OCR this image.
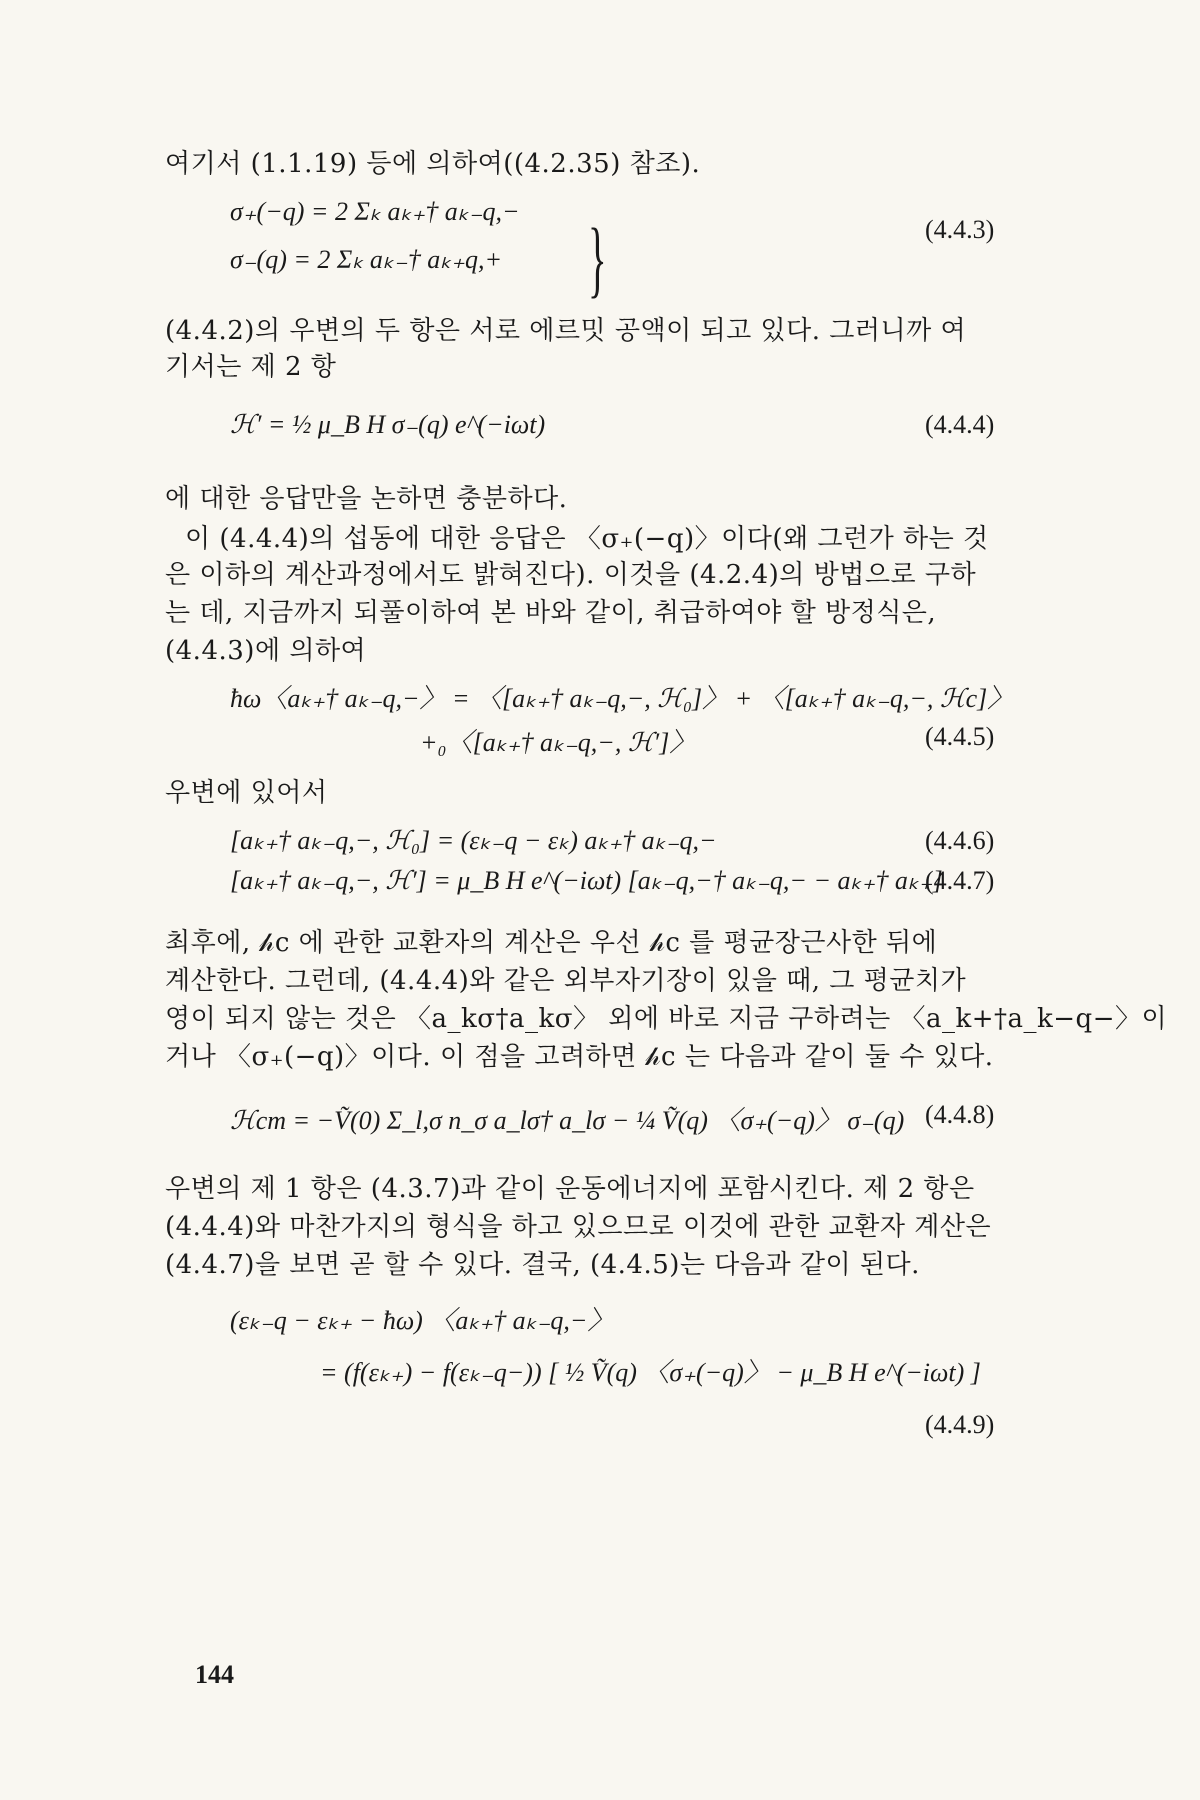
여기서 (1.1.19) 등에 의하여((4.2.35) 참조).
σ₊(−q) = 2 Σₖ aₖ₊† aₖ₋q,−
σ₋(q) = 2 Σₖ aₖ₋† aₖ₊q,+ }	(4.4.3)
(4.4.2)의 우변의 두 항은 서로 에르밋 공액이 되고 있다. 그러니까 여
기서는 제 2 항
ℋ′ = ½ μ_B H σ₋(q) e^(−iωt)	(4.4.4)
에 대한 응답만을 논하면 충분하다.
이 (4.4.4)의 섭동에 대한 응답은 〈σ₊(−q)〉이다(왜 그런가 하는 것
은 이하의 계산과정에서도 밝혀진다). 이것을 (4.2.4)의 방법으로 구하
는 데, 지금까지 되풀이하여 본 바와 같이, 취급하여야 할 방정식은,
(4.4.3)에 의하여
ħω〈aₖ₊† aₖ₋q,−〉 = 〈[aₖ₊† aₖ₋q,−, ℋ₀]〉 + 〈[aₖ₊† aₖ₋q,−, ℋc]〉
+₀〈[aₖ₊† aₖ₋q,−, ℋ′]〉	(4.4.5)
우변에 있어서
[aₖ₊† aₖ₋q,−, ℋ₀] = (εₖ₋q − εₖ) aₖ₊† aₖ₋q,−	(4.4.6)
[aₖ₊† aₖ₋q,−, ℋ′] = μ_B H e^(−iωt) [aₖ₋q,−† aₖ₋q,− − aₖ₊† aₖ₊]
(4.4.7)
최후에, 𝒽c 에 관한 교환자의 계산은 우선 𝒽c 를 평균장근사한 뒤에
계산한다. 그런데, (4.4.4)와 같은 외부자기장이 있을 때, 그 평균치가
영이 되지 않는 것은 〈a_kσ†a_kσ〉 외에 바로 지금 구하려는 〈a_k+†a_k−q−〉이
거나 〈σ₊(−q)〉이다. 이 점을 고려하면 𝒽c 는 다음과 같이 둘 수 있다.
ℋcm = −Ṽ(0) Σ_l,σ n_σ a_lσ† a_lσ − ¼ Ṽ(q) 〈σ₊(−q)〉 σ₋(q) (4.4.8)
우변의 제 1 항은 (4.3.7)과 같이 운동에너지에 포함시킨다. 제 2 항은
(4.4.4)와 마찬가지의 형식을 하고 있으므로 이것에 관한 교환자 계산은
(4.4.7)을 보면 곧 할 수 있다. 결국, (4.4.5)는 다음과 같이 된다.
(εₖ₋q − εₖ₊ − ħω) 〈aₖ₊† aₖ₋q,−〉
= (f(εₖ₊) − f(εₖ₋q−)) [ ½ Ṽ(q) 〈σ₊(−q)〉 − μ_B H e^(−iωt) ]
(4.4.9)
144
